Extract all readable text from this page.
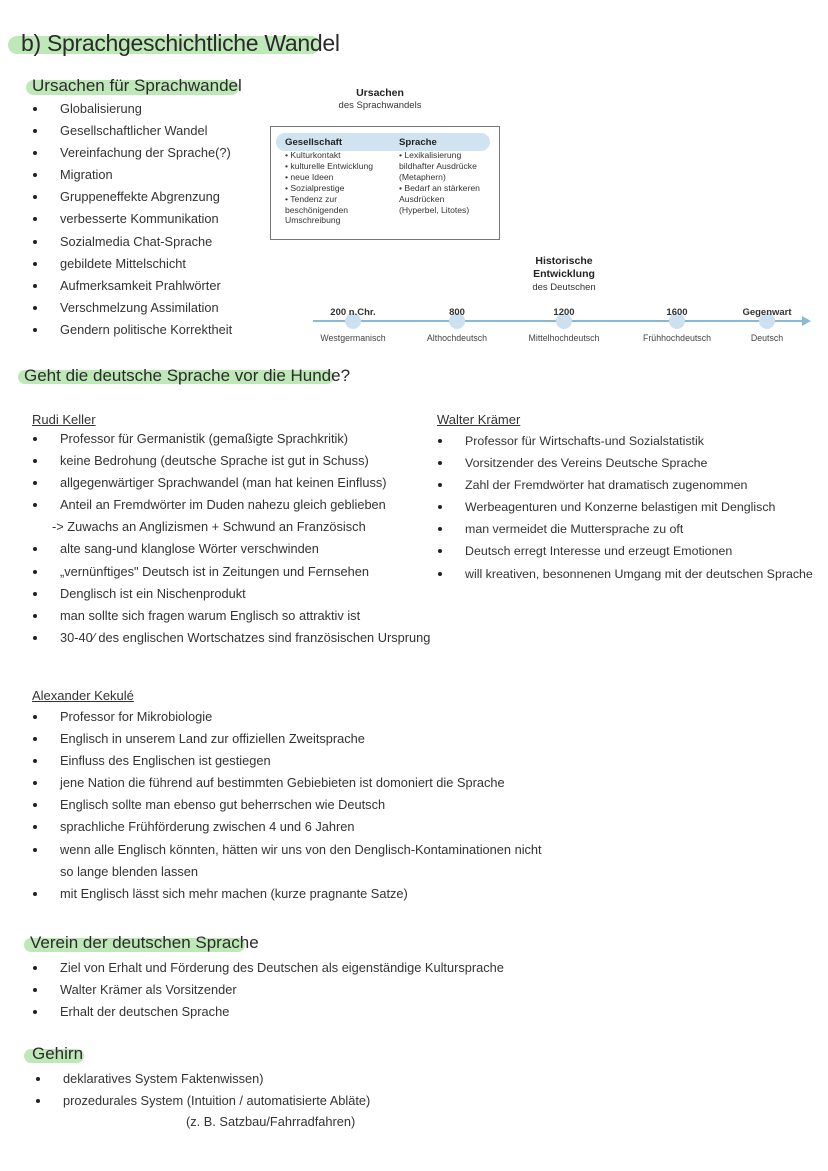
b) Sprachgeschichtliche Wandel
Ursachen für Sprachwandel
Globalisierung
Gesellschaftlicher Wandel
Vereinfachung der Sprache(?)
Migration
Gruppeneffekte Abgrenzung
verbesserte Kommunikation
Sozialmedia Chat-Sprache
gebildete Mittelschicht
Aufmerksamkeit Prahlwörter
Verschmelzung Assimilation
Gendern politische Korrektheit
Ursachen
des Sprachwandels
Gesellschaft
• Kulturkontakt
• kulturelle Entwicklung
• neue Ideen
• Sozialprestige
• Tendenz zur
beschönigenden
Umschreibung
Sprache
• Lexikalisierung
bildhafter Ausdrücke
(Metaphern)
• Bedarf an stärkeren
Ausdrücken
(Hyperbel, Litotes)
Historische
Entwicklung
des Deutschen
200 n.Chr.	800	1200	1600	Gegenwart
Westgermanisch	Althochdeutsch	Mittelhochdeutsch	Frühhochdeutsch	Deutsch
Geht die deutsche Sprache vor die Hunde?
Rudi Keller
Professor für Germanistik (gemaßigte Sprachkritik)
keine Bedrohung (deutsche Sprache ist gut in Schuss)
allgegenwärtiger Sprachwandel (man hat keinen Einfluss)
Anteil an Fremdwörter im Duden nahezu gleich geblieben
-> Zuwachs an Anglizismen + Schwund an Französisch
alte sang-und klanglose Wörter verschwinden
„vernünftiges" Deutsch ist in Zeitungen und Fernsehen
Denglisch ist ein Nischenprodukt
man sollte sich fragen warum Englisch so attraktiv ist
30-40⁄ des englischen Wortschatzes sind französischen Ursprung
Walter Krämer
Professor für Wirtschafts-und Sozialstatistik
Vorsitzender des Vereins Deutsche Sprache
Zahl der Fremdwörter hat dramatisch zugenommen
Werbeagenturen und Konzerne belastigen mit Denglisch
man vermeidet die Muttersprache zu oft
Deutsch erregt Interesse und erzeugt Emotionen
will kreativen, besonnenen Umgang mit der deutschen Sprache
Alexander Kekulé
Professor for Mikrobiologie
Englisch in unserem Land zur offiziellen Zweitsprache
Einfluss des Englischen ist gestiegen
jene Nation die führend auf bestimmten Gebiebieten ist domoniert die Sprache
Englisch sollte man ebenso gut beherrschen wie Deutsch
sprachliche Frühförderung zwischen 4 und 6 Jahren
wenn alle Englisch könnten, hätten wir uns von den Denglisch-Kontaminationen nicht
so lange blenden lassen
mit Englisch lässt sich mehr machen (kurze pragnante Satze)
Verein der deutschen Sprache
Ziel von Erhalt und Förderung des Deutschen als eigenständige Kultursprache
Walter Krämer als Vorsitzender
Erhalt der deutschen Sprache
Gehirn
deklaratives System Faktenwissen)
prozedurales System (Intuition / automatisierte Abläte)
(z. B. Satzbau/Fahrradfahren)
